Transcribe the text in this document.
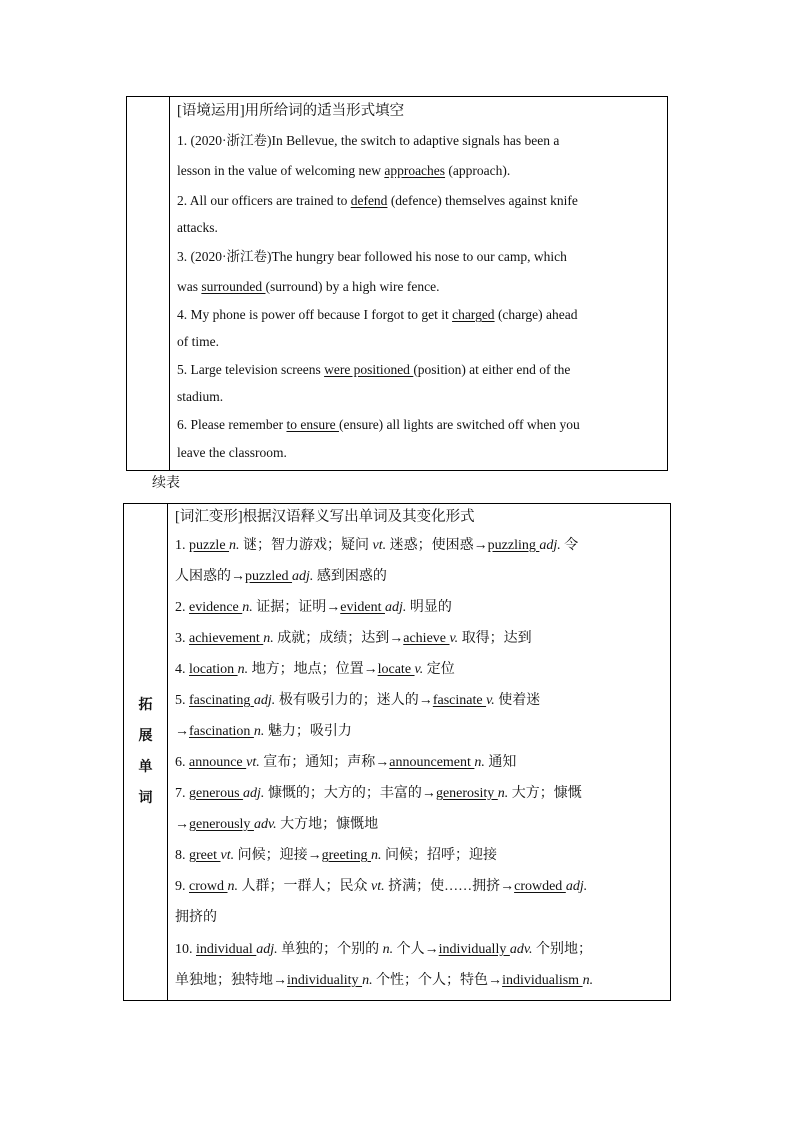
[语境运用]用所给词的适当形式填空
1. (2020·浙江卷)In Bellevue, the switch to adaptive signals has been a
lesson in the value of welcoming new approaches (approach).
2. All our officers are trained to defend (defence) themselves against knife
attacks.
3. (2020·浙江卷)The hungry bear followed his nose to our camp, which
was surrounded (surround) by a high wire fence.
4. My phone is power off because I forgot to get it charged (charge) ahead
of time.
5. Large television screens were positioned (position) at either end of the
stadium.
6. Please remember to ensure (ensure) all lights are switched off when you
leave the classroom.
续表
拓
展
单
词
[词汇变形]根据汉语释义写出单词及其变化形式
1. puzzle n. 谜；智力游戏；疑问 vt. 迷惑；使困惑→puzzling adj. 令
人困惑的→puzzled adj. 感到困惑的
2. evidence n. 证据；证明→evident adj. 明显的
3. achievement n. 成就；成绩；达到→achieve v. 取得；达到
4. location n. 地方；地点；位置→locate v. 定位
5. fascinating adj. 极有吸引力的；迷人的→fascinate v. 使着迷
→fascination n. 魅力；吸引力
6. announce vt. 宣布；通知；声称→announcement n. 通知
7. generous adj. 慷慨的；大方的；丰富的→generosity n. 大方；慷慨
→generously adv. 大方地；慷慨地
8. greet vt. 问候；迎接→greeting n. 问候；招呼；迎接
9. crowd n. 人群；一群人；民众 vt. 挤满；使……拥挤→crowded adj.
拥挤的
10. individual adj. 单独的；个别的 n. 个人→individually adv. 个别地；
单独地；独特地→individuality n. 个性；个人；特色→individualism n.
